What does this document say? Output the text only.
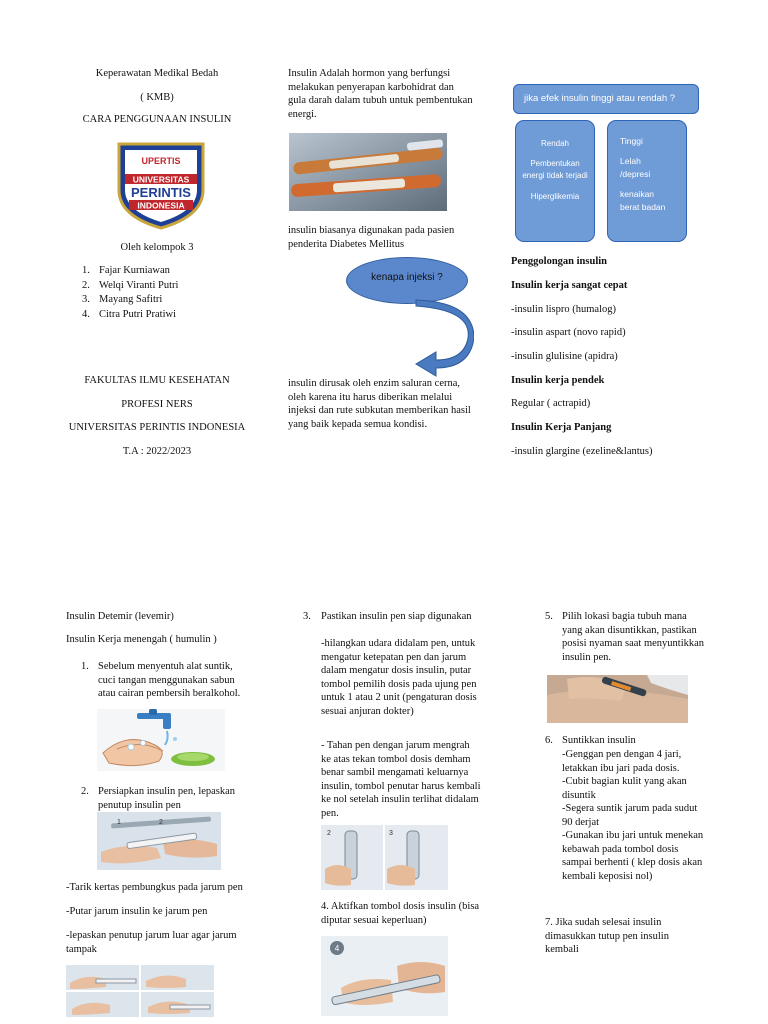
Keperawatan Medikal Bedah
( KMB)
CARA PENGGUNAAN INSULIN
UPERTIS
UNIVERSITAS
PERINTIS
INDONESIA
Oleh kelompok 3
1. Fajar Kurniawan
2. Welqi Viranti Putri
3. Mayang Safitri
4. Citra Putri Pratiwi
FAKULTAS ILMU KESEHATAN
PROFESI NERS
UNIVERSITAS PERINTIS INDONESIA
T.A : 2022/2023
Insulin Adalah hormon yang berfungsi melakukan penyerapan karbohidrat dan gula darah dalam tubuh untuk pembentukan energi.
insulin biasanya digunakan pada pasien penderita Diabetes Mellitus
kenapa injeksi ?
insulin dirusak oleh enzim saluran cerna, oleh karena itu harus diberikan melalui injeksi dan rute subkutan memberikan hasil yang baik kepada semua kondisi.
jika efek insulin tinggi atau rendah ?
Rendah
Pembentukan energi tidak terjadi
Hiperglikemia
Tinggi
Lelah
/depresi
kenaikan
berat badan
Penggolongan insulin
Insulin kerja sangat cepat
-insulin lispro (humalog)
-insulin aspart (novo rapid)
-insulin glulisine (apidra)
Insulin kerja pendek
Regular ( actrapid)
Insulin Kerja Panjang
-insulin glargine (ezeline&lantus)
Insulin Detemir (levemir)
Insulin Kerja menengah ( humulin )
1. Sebelum menyentuh alat suntik, cuci tangan menggunakan sabun atau cairan pembersih beralkohol.
2. Persiapkan insulin pen, lepaskan penutup insulin pen
1	2
-Tarik kertas pembungkus pada jarum pen
-Putar jarum insulin ke jarum pen
-lepaskan penutup jarum luar agar jarum tampak
3. Pastikan insulin pen siap digunakan
-hilangkan udara didalam pen, untuk mengatur ketepatan pen dan jarum dalam mengatur dosis insulin, putar tombol pemilih dosis pada ujung pen untuk 1 atau 2 unit (pengaturan dosis sesuai anjuran dokter)
- Tahan pen dengan jarum mengrah ke atas tekan tombol dosis demham benar sambil mengamati keluarnya insulin, tombol penutar harus kembali ke nol setelah insulin terlihat didalam pen.
2	3
4. Aktifkan tombol dosis insulin (bisa diputar sesuai keperluan)
4
5. Pilih lokasi bagia tubuh mana yang akan disuntikkan, pastikan posisi nyaman saat menyuntikkan insulin pen.
6. Suntikkan insulin
-Genggan pen dengan 4 jari, letakkan ibu jari pada dosis.
-Cubit bagian kulit yang akan disuntik
-Segera suntik jarum pada sudut 90 derjat
-Gunakan ibu jari untuk menekan kebawah pada tombol dosis sampai berhenti ( klep dosis akan kembali keposisi nol)
7. Jika sudah selesai insulin dimasukkan tutup pen insulin kembali
